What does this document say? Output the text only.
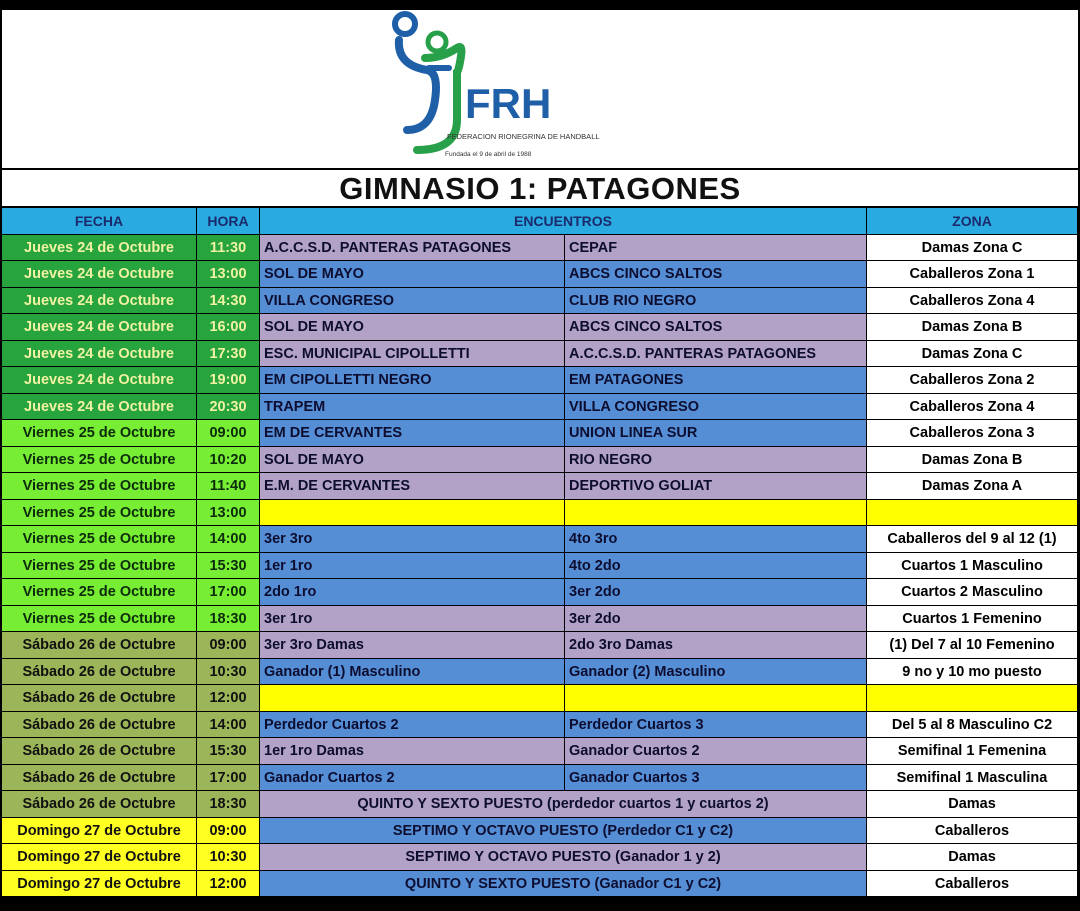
FRH
FEDERACION RIONEGRINA DE HANDBALL
Fundada el 9 de abril de 1988
GIMNASIO 1: PATAGONES
FECHA	HORA	ENCUENTROS	ZONA
Jueves 24 de Octubre	11:30	A.C.C.S.D. PANTERAS PATAGONES	CEPAF	Damas Zona C
Jueves 24 de Octubre	13:00	SOL DE MAYO	ABCS CINCO SALTOS	Caballeros Zona 1
Jueves 24 de Octubre	14:30	VILLA CONGRESO	CLUB RIO NEGRO	Caballeros Zona 4
Jueves 24 de Octubre	16:00	SOL DE MAYO	ABCS CINCO SALTOS	Damas Zona B
Jueves 24 de Octubre	17:30	ESC. MUNICIPAL CIPOLLETTI	A.C.C.S.D. PANTERAS PATAGONES	Damas Zona C
Jueves 24 de Octubre	19:00	EM CIPOLLETTI NEGRO	EM PATAGONES	Caballeros Zona 2
Jueves 24 de Octubre	20:30	TRAPEM	VILLA CONGRESO	Caballeros Zona 4
Viernes 25 de Octubre	09:00	EM DE CERVANTES	UNION LINEA SUR	Caballeros Zona 3
Viernes 25 de Octubre	10:20	SOL DE MAYO	RIO NEGRO	Damas Zona B
Viernes 25 de Octubre	11:40	E.M. DE CERVANTES	DEPORTIVO GOLIAT	Damas Zona A
Viernes 25 de Octubre	13:00
Viernes 25 de Octubre	14:00	3er 3ro	4to 3ro	Caballeros del 9 al 12 (1)
Viernes 25 de Octubre	15:30	1er 1ro	4to 2do	Cuartos 1 Masculino
Viernes 25 de Octubre	17:00	2do 1ro	3er 2do	Cuartos 2 Masculino
Viernes 25 de Octubre	18:30	3er 1ro	3er 2do	Cuartos 1 Femenino
Sábado 26 de Octubre	09:00	3er 3ro Damas	2do 3ro Damas	(1) Del 7 al 10 Femenino
Sábado 26 de Octubre	10:30	Ganador (1) Masculino	Ganador (2) Masculino	9 no y 10 mo puesto
Sábado 26 de Octubre	12:00
Sábado 26 de Octubre	14:00	Perdedor Cuartos 2	Perdedor Cuartos 3	Del 5 al 8 Masculino C2
Sábado 26 de Octubre	15:30	1er 1ro Damas	Ganador Cuartos 2	Semifinal 1 Femenina
Sábado 26 de Octubre	17:00	Ganador Cuartos 2	Ganador Cuartos 3	Semifinal 1 Masculina
Sábado 26 de Octubre	18:30	QUINTO Y SEXTO PUESTO (perdedor cuartos 1 y cuartos 2)	Damas
Domingo 27 de Octubre	09:00	SEPTIMO Y OCTAVO PUESTO (Perdedor C1 y C2)	Caballeros
Domingo 27 de Octubre	10:30	SEPTIMO Y OCTAVO PUESTO (Ganador 1 y 2)	Damas
Domingo 27 de Octubre	12:00	QUINTO Y SEXTO PUESTO (Ganador C1 y C2)	Caballeros
